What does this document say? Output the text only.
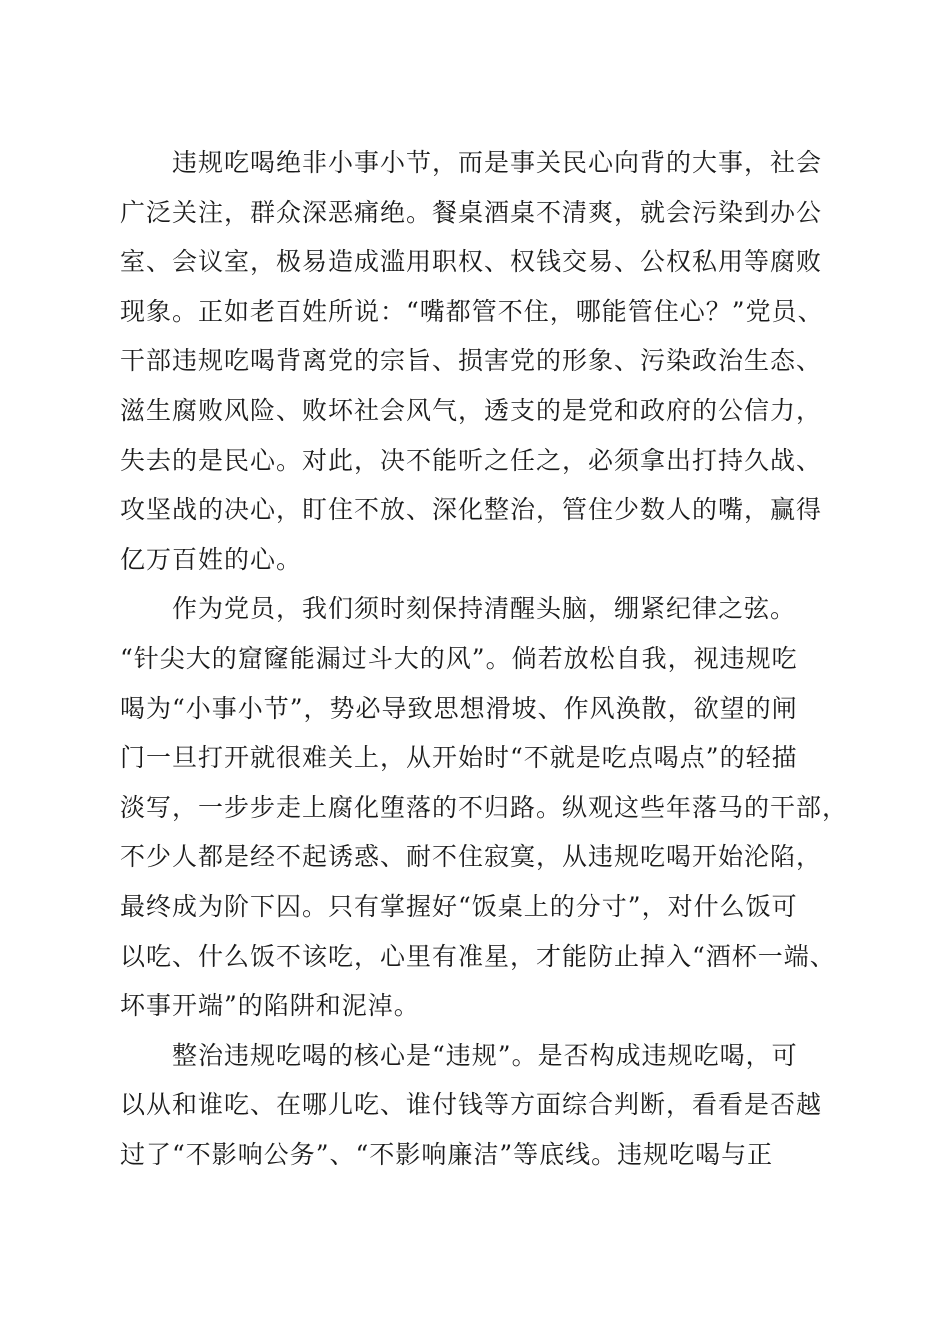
违规吃喝绝非小事小节，而是事关民心向背的大事，社会
广泛关注，群众深恶痛绝。餐桌酒桌不清爽，就会污染到办公
室、会议室，极易造成滥用职权、权钱交易、公权私用等腐败
现象。正如老百姓所说：“嘴都管不住，哪能管住心？”党员、
干部违规吃喝背离党的宗旨、损害党的形象、污染政治生态、
滋生腐败风险、败坏社会风气，透支的是党和政府的公信力，
失去的是民心。对此，决不能听之任之，必须拿出打持久战、
攻坚战的决心，盯住不放、深化整治，管住少数人的嘴，赢得
亿万百姓的心。
作为党员，我们须时刻保持清醒头脑，绷紧纪律之弦。
“针尖大的窟窿能漏过斗大的风”。倘若放松自我，视违规吃
喝为“小事小节”，势必导致思想滑坡、作风涣散，欲望的闸
门一旦打开就很难关上，从开始时“不就是吃点喝点”的轻描
淡写，一步步走上腐化堕落的不归路。纵观这些年落马的干部，
不少人都是经不起诱惑、耐不住寂寞，从违规吃喝开始沦陷，
最终成为阶下囚。只有掌握好“饭桌上的分寸”，对什么饭可
以吃、什么饭不该吃，心里有准星，才能防止掉入“酒杯一端、
坏事开端”的陷阱和泥淖。
整治违规吃喝的核心是“违规”。是否构成违规吃喝，可
以从和谁吃、在哪儿吃、谁付钱等方面综合判断，看看是否越
过了“不影响公务”、“不影响廉洁”等底线。违规吃喝与正
